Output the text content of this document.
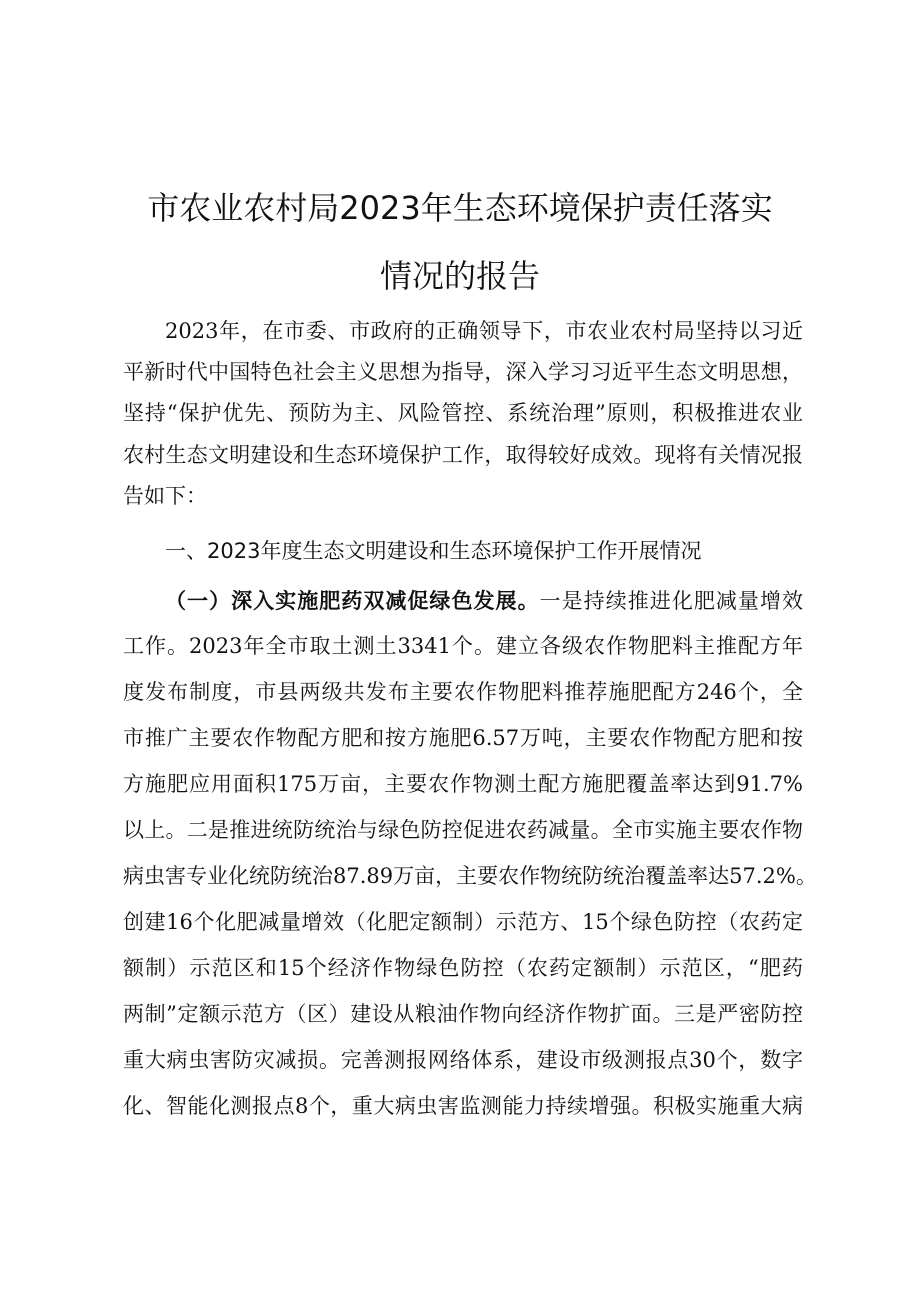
市农业农村局2023年生态环境保护责任落实
情况的报告

2023年，在市委、市政府的正确领导下，市农业农村局坚持以习近

平新时代中国特色社会主义思想为指导，深入学习习近平生态文明思想，

坚持“保护优先、预防为主、风险管控、系统治理”原则，积极推进农业

农村生态文明建设和生态环境保护工作，取得较好成效。现将有关情况报

告如下：

一、2023年度生态文明建设和生态环境保护工作开展情况

（一）深入实施肥药双减促绿色发展。一是持续推进化肥减量增效

工作。2023年全市取土测土3341个。建立各级农作物肥料主推配方年

度发布制度，市县两级共发布主要农作物肥料推荐施肥配方246个，全

市推广主要农作物配方肥和按方施肥6.57万吨，主要农作物配方肥和按

方施肥应用面积175万亩，主要农作物测土配方施肥覆盖率达到91.7%

以上。二是推进统防统治与绿色防控促进农药减量。全市实施主要农作物

病虫害专业化统防统治87.89万亩，主要农作物统防统治覆盖率达57.2%。

创建16个化肥减量增效（化肥定额制）示范方、15个绿色防控（农药定

额制）示范区和15个经济作物绿色防控（农药定额制）示范区，“肥药

两制”定额示范方（区）建设从粮油作物向经济作物扩面。三是严密防控

重大病虫害防灾减损。完善测报网络体系，建设市级测报点30个，数字

化、智能化测报点8个，重大病虫害监测能力持续增强。积极实施重大病
